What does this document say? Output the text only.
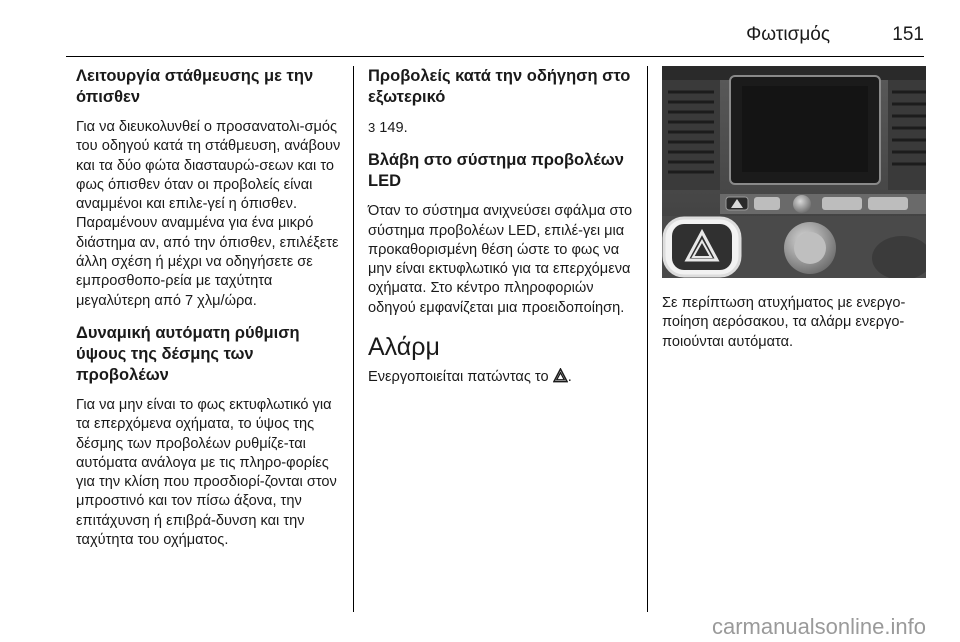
Φωτισμός	151
Λειτουργία στάθμευσης με την όπισθεν

Για να διευκολυνθεί ο προσανατολι-σμός του οδηγού κατά τη στάθμευση, ανάβουν και τα δύο φώτα διασταυρώ-σεων και το φως όπισθεν όταν οι προβολείς είναι αναμμένοι και επιλε-γεί η όπισθεν. Παραμένουν αναμμένα για ένα μικρό διάστημα αν, από την όπισθεν, επιλέξετε άλλη σχέση ή μέχρι να οδηγήσετε σε εμπροσθοπο-ρεία με ταχύτητα μεγαλύτερη από 7 χλμ/ώρα.

Δυναμική αυτόματη ρύθμιση ύψους της δέσμης των προβολέων

Για να μην είναι το φως εκτυφλωτικό για τα επερχόμενα οχήματα, το ύψος της δέσμης των προβολέων ρυθμίζε-ται αυτόματα ανάλογα με τις πληρο-φορίες για την κλίση που προσδιορί-ζονται στον μπροστινό και τον πίσω άξονα, την επιτάχυνση ή επιβρά-δυνση και την ταχύτητα του οχήματος.

Προβολείς κατά την οδήγηση στο εξωτερικό

3 149.

Βλάβη στο σύστημα προβολέων LED

Όταν το σύστημα ανιχνεύσει σφάλμα στο σύστημα προβολέων LED, επιλέ-γει μια προκαθορισμένη θέση ώστε το φως να μην είναι εκτυφλωτικό για τα επερχόμενα οχήματα. Στο κέντρο πληροφοριών οδηγού εμφανίζεται μια προειδοποίηση.

Αλάρμ

Ενεργοποιείται πατώντας το .

Σε περίπτωση ατυχήματος με ενεργο-ποίηση αερόσακου, τα αλάρμ ενεργο-ποιούνται αυτόματα.

carmanualsonline.info
